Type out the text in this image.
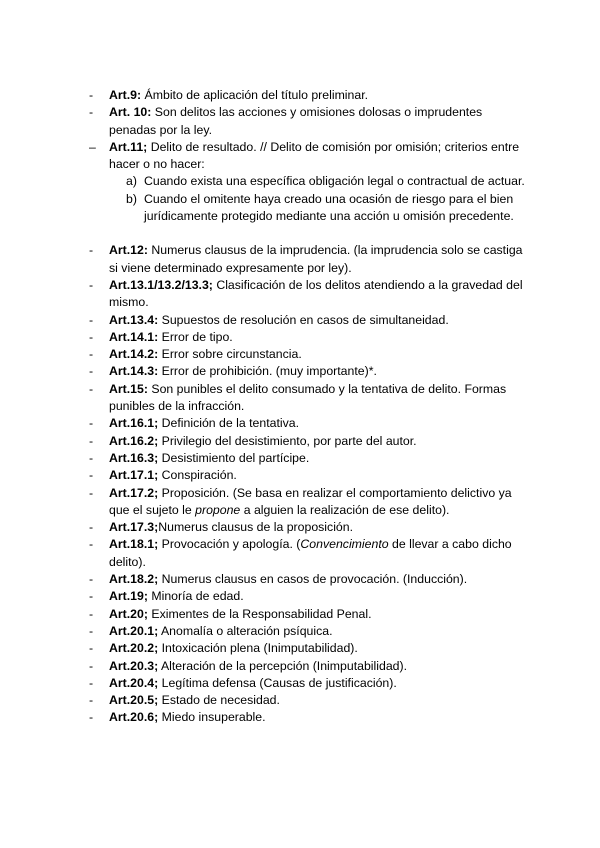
- Art.9: Ámbito de aplicación del título preliminar.
- Art. 10: Son delitos las acciones y omisiones dolosas o imprudentes penadas por la ley.
– Art.11; Delito de resultado. // Delito de comisión por omisión; criterios entre hacer o no hacer:
a) Cuando exista una específica obligación legal o contractual de actuar.
b) Cuando el omitente haya creado una ocasión de riesgo para el bien jurídicamente protegido mediante una acción u omisión precedente.
- Art.12: Numerus clausus de la imprudencia. (la imprudencia solo se castiga si viene determinado expresamente por ley).
- Art.13.1/13.2/13.3; Clasificación de los delitos atendiendo a la gravedad del mismo.
- Art.13.4: Supuestos de resolución en casos de simultaneidad.
- Art.14.1: Error de tipo.
- Art.14.2: Error sobre circunstancia.
- Art.14.3: Error de prohibición. (muy importante)*.
- Art.15: Son punibles el delito consumado y la tentativa de delito. Formas punibles de la infracción.
- Art.16.1; Definición de la tentativa.
- Art.16.2; Privilegio del desistimiento, por parte del autor.
- Art.16.3; Desistimiento del partícipe.
- Art.17.1; Conspiración.
- Art.17.2; Proposición. (Se basa en realizar el comportamiento delictivo ya que el sujeto le propone a alguien la realización de ese delito).
- Art.17.3;Numerus clausus de la proposición.
- Art.18.1; Provocación y apología. (Convencimiento de llevar a cabo dicho delito).
- Art.18.2; Numerus clausus en casos de provocación. (Inducción).
- Art.19; Minoría de edad.
- Art.20; Eximentes de la Responsabilidad Penal.
- Art.20.1; Anomalía o alteración psíquica.
- Art.20.2; Intoxicación plena (Inimputabilidad).
- Art.20.3; Alteración de la percepción (Inimputabilidad).
- Art.20.4; Legítima defensa (Causas de justificación).
- Art.20.5; Estado de necesidad.
- Art.20.6; Miedo insuperable.
